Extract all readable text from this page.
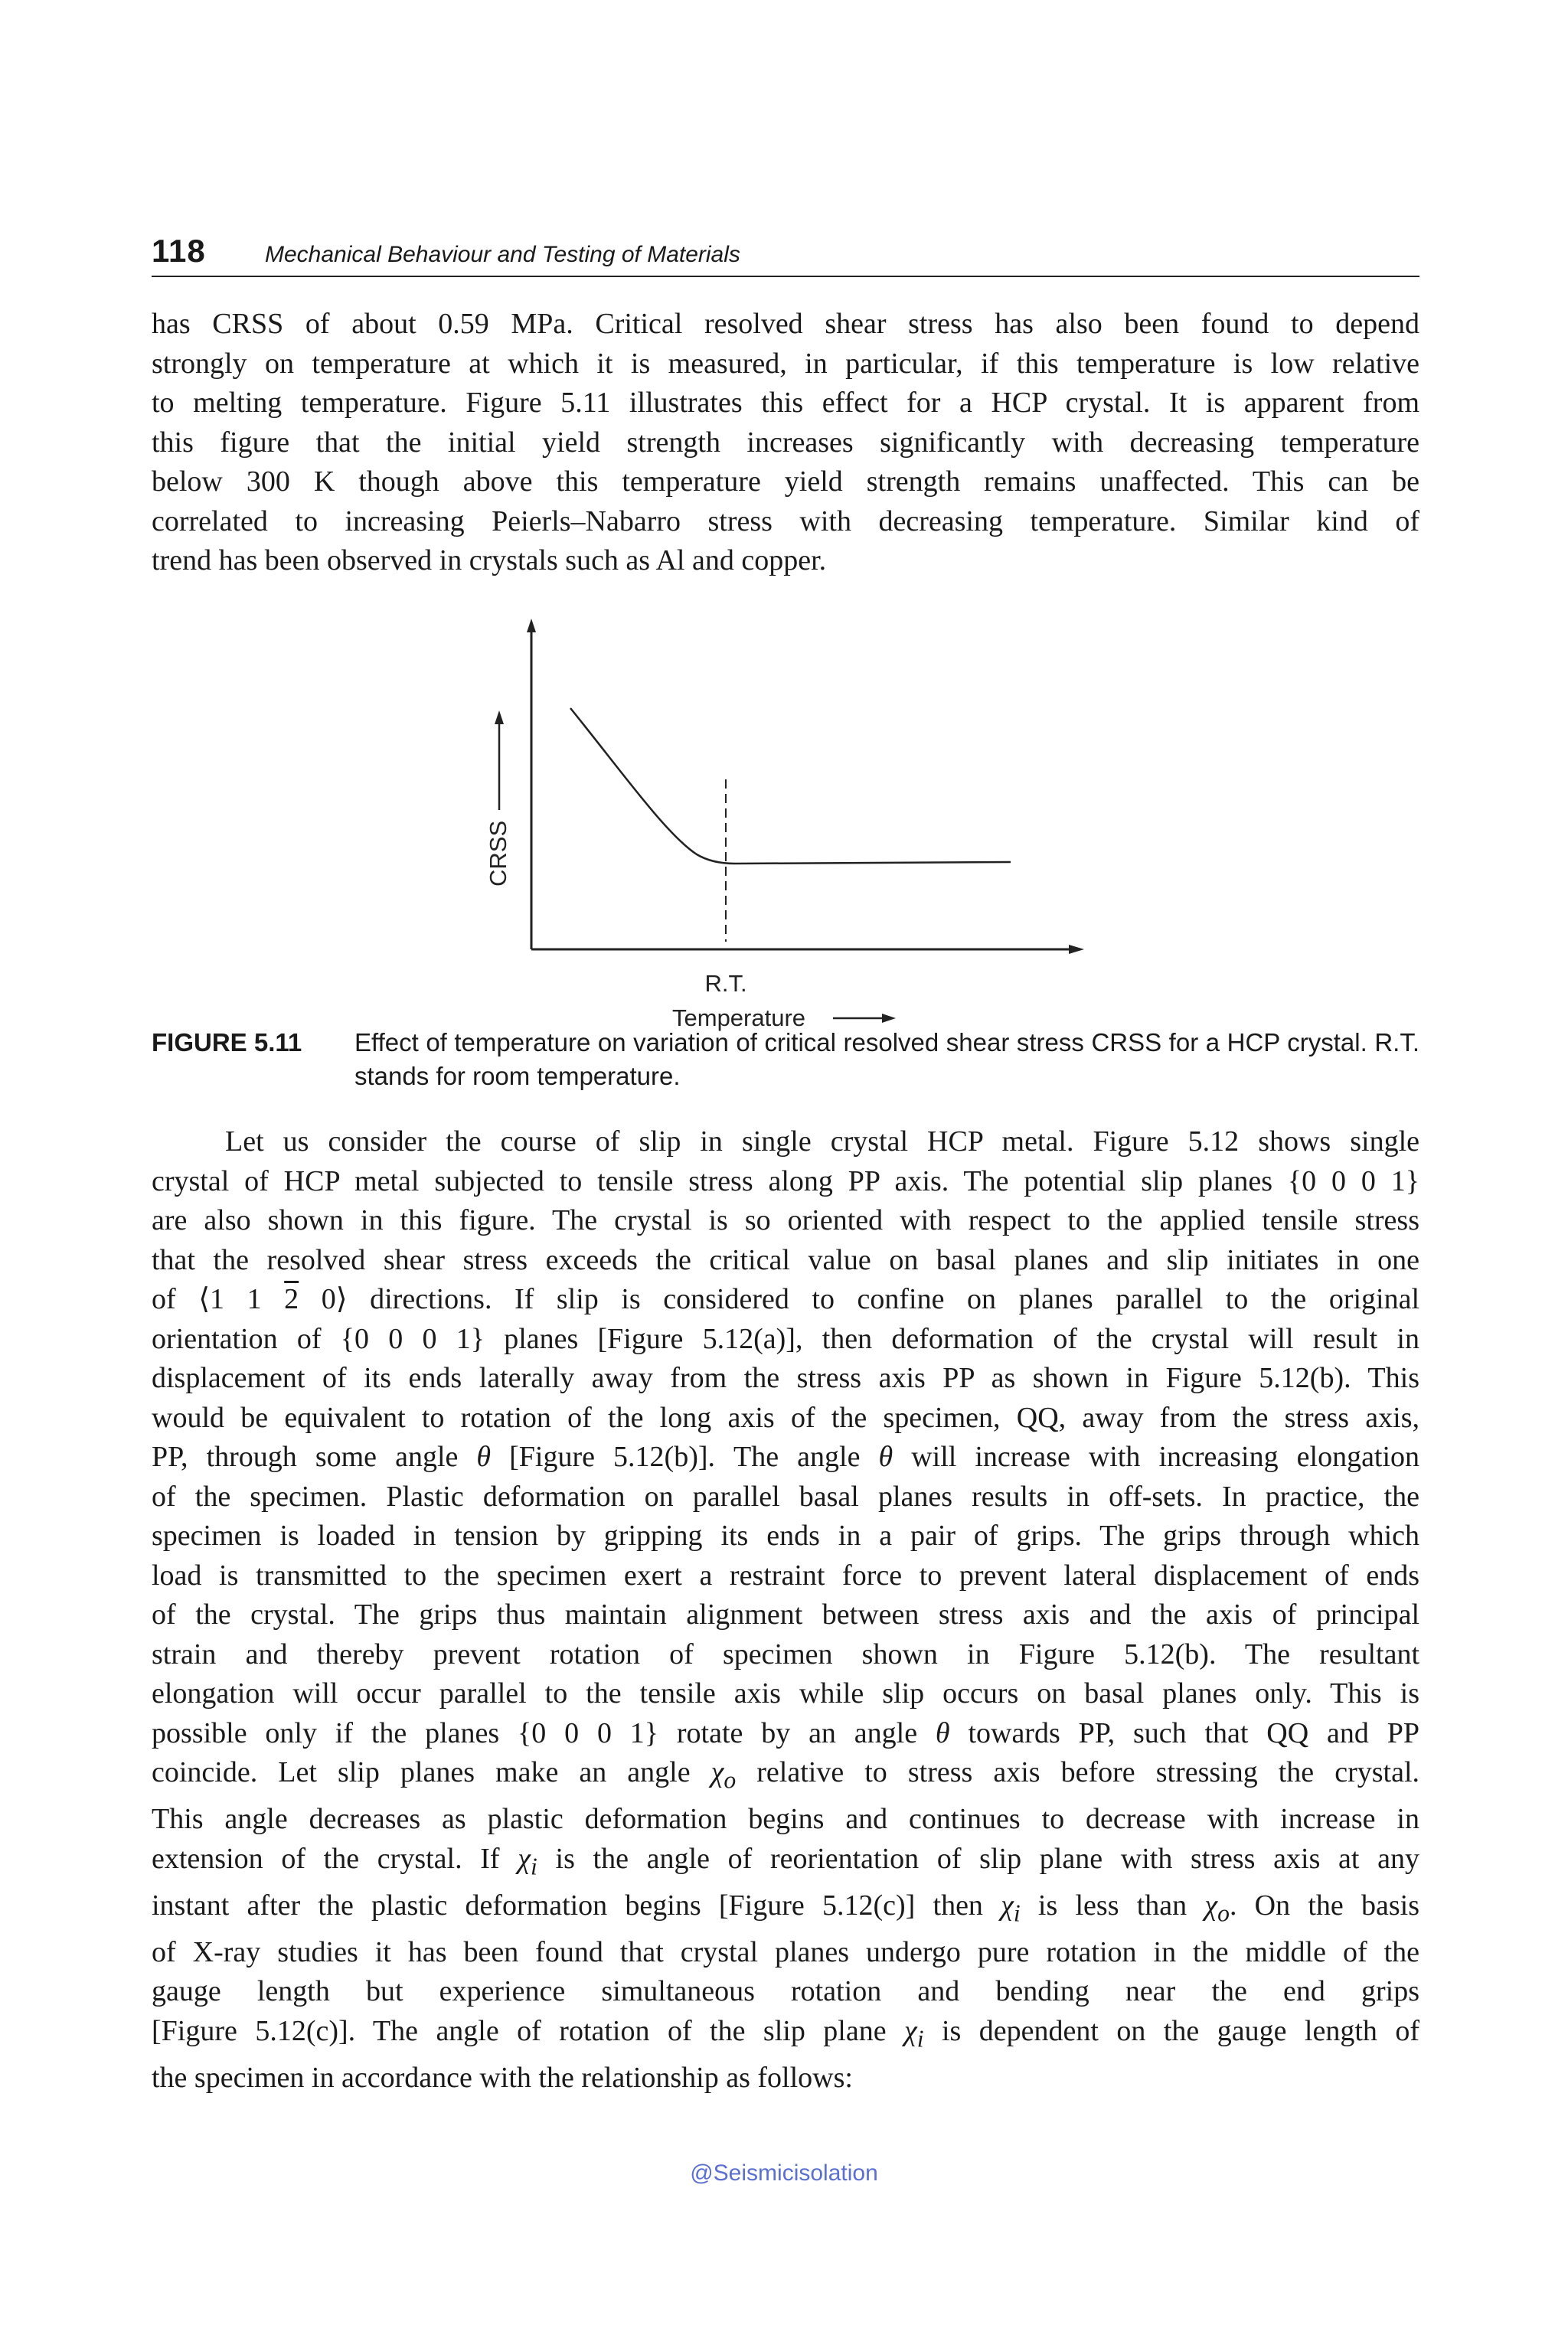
118	Mechanical Behaviour and Testing of Materials

has CRSS of about 0.59 MPa. Critical resolved shear stress has also been found to depend
strongly on temperature at which it is measured, in particular, if this temperature is low relative
to melting temperature. Figure 5.11 illustrates this effect for a HCP crystal. It is apparent from
this figure that the initial yield strength increases significantly with decreasing temperature
below 300 K though above this temperature yield strength remains unaffected. This can be
correlated to increasing Peierls–Nabarro stress with decreasing temperature. Similar kind of
trend has been observed in crystals such as Al and copper.

CRSS
R.T.
Temperature
FIGURE 5.11 Effect of temperature on variation of critical resolved shear stress CRSS for a HCP crystal. R.T. stands for room temperature.

Let us consider the course of slip in single crystal HCP metal. Figure 5.12 shows single
crystal of HCP metal subjected to tensile stress along PP axis. The potential slip planes {0 0 0 1}
are also shown in this figure. The crystal is so oriented with respect to the applied tensile stress
that the resolved shear stress exceeds the critical value on basal planes and slip initiates in one
of ⟨1 1 2 0⟩ directions. If slip is considered to confine on planes parallel to the original
orientation of {0 0 0 1} planes [Figure 5.12(a)], then deformation of the crystal will result in
displacement of its ends laterally away from the stress axis PP as shown in Figure 5.12(b). This
would be equivalent to rotation of the long axis of the specimen, QQ, away from the stress axis,
PP, through some angle θ [Figure 5.12(b)]. The angle θ will increase with increasing elongation
of the specimen. Plastic deformation on parallel basal planes results in off-sets. In practice, the
specimen is loaded in tension by gripping its ends in a pair of grips. The grips through which
load is transmitted to the specimen exert a restraint force to prevent lateral displacement of ends
of the crystal. The grips thus maintain alignment between stress axis and the axis of principal
strain and thereby prevent rotation of specimen shown in Figure 5.12(b). The resultant
elongation will occur parallel to the tensile axis while slip occurs on basal planes only. This is
possible only if the planes {0 0 0 1} rotate by an angle θ towards PP, such that QQ and PP
coincide. Let slip planes make an angle $\chi_o$ relative to stress axis before stressing the crystal.
This angle decreases as plastic deformation begins and continues to decrease with increase in
extension of the crystal. If $\chi_i$ is the angle of reorientation of slip plane with stress axis at any
instant after the plastic deformation begins [Figure 5.12(c)] then $\chi_i$ is less than $\chi_o$. On the basis
of X-ray studies it has been found that crystal planes undergo pure rotation in the middle of the
gauge length but experience simultaneous rotation and bending near the end grips
[Figure 5.12(c)]. The angle of rotation of the slip plane $\chi_i$ is dependent on the gauge length of
the specimen in accordance with the relationship as follows:

@Seismicisolation
